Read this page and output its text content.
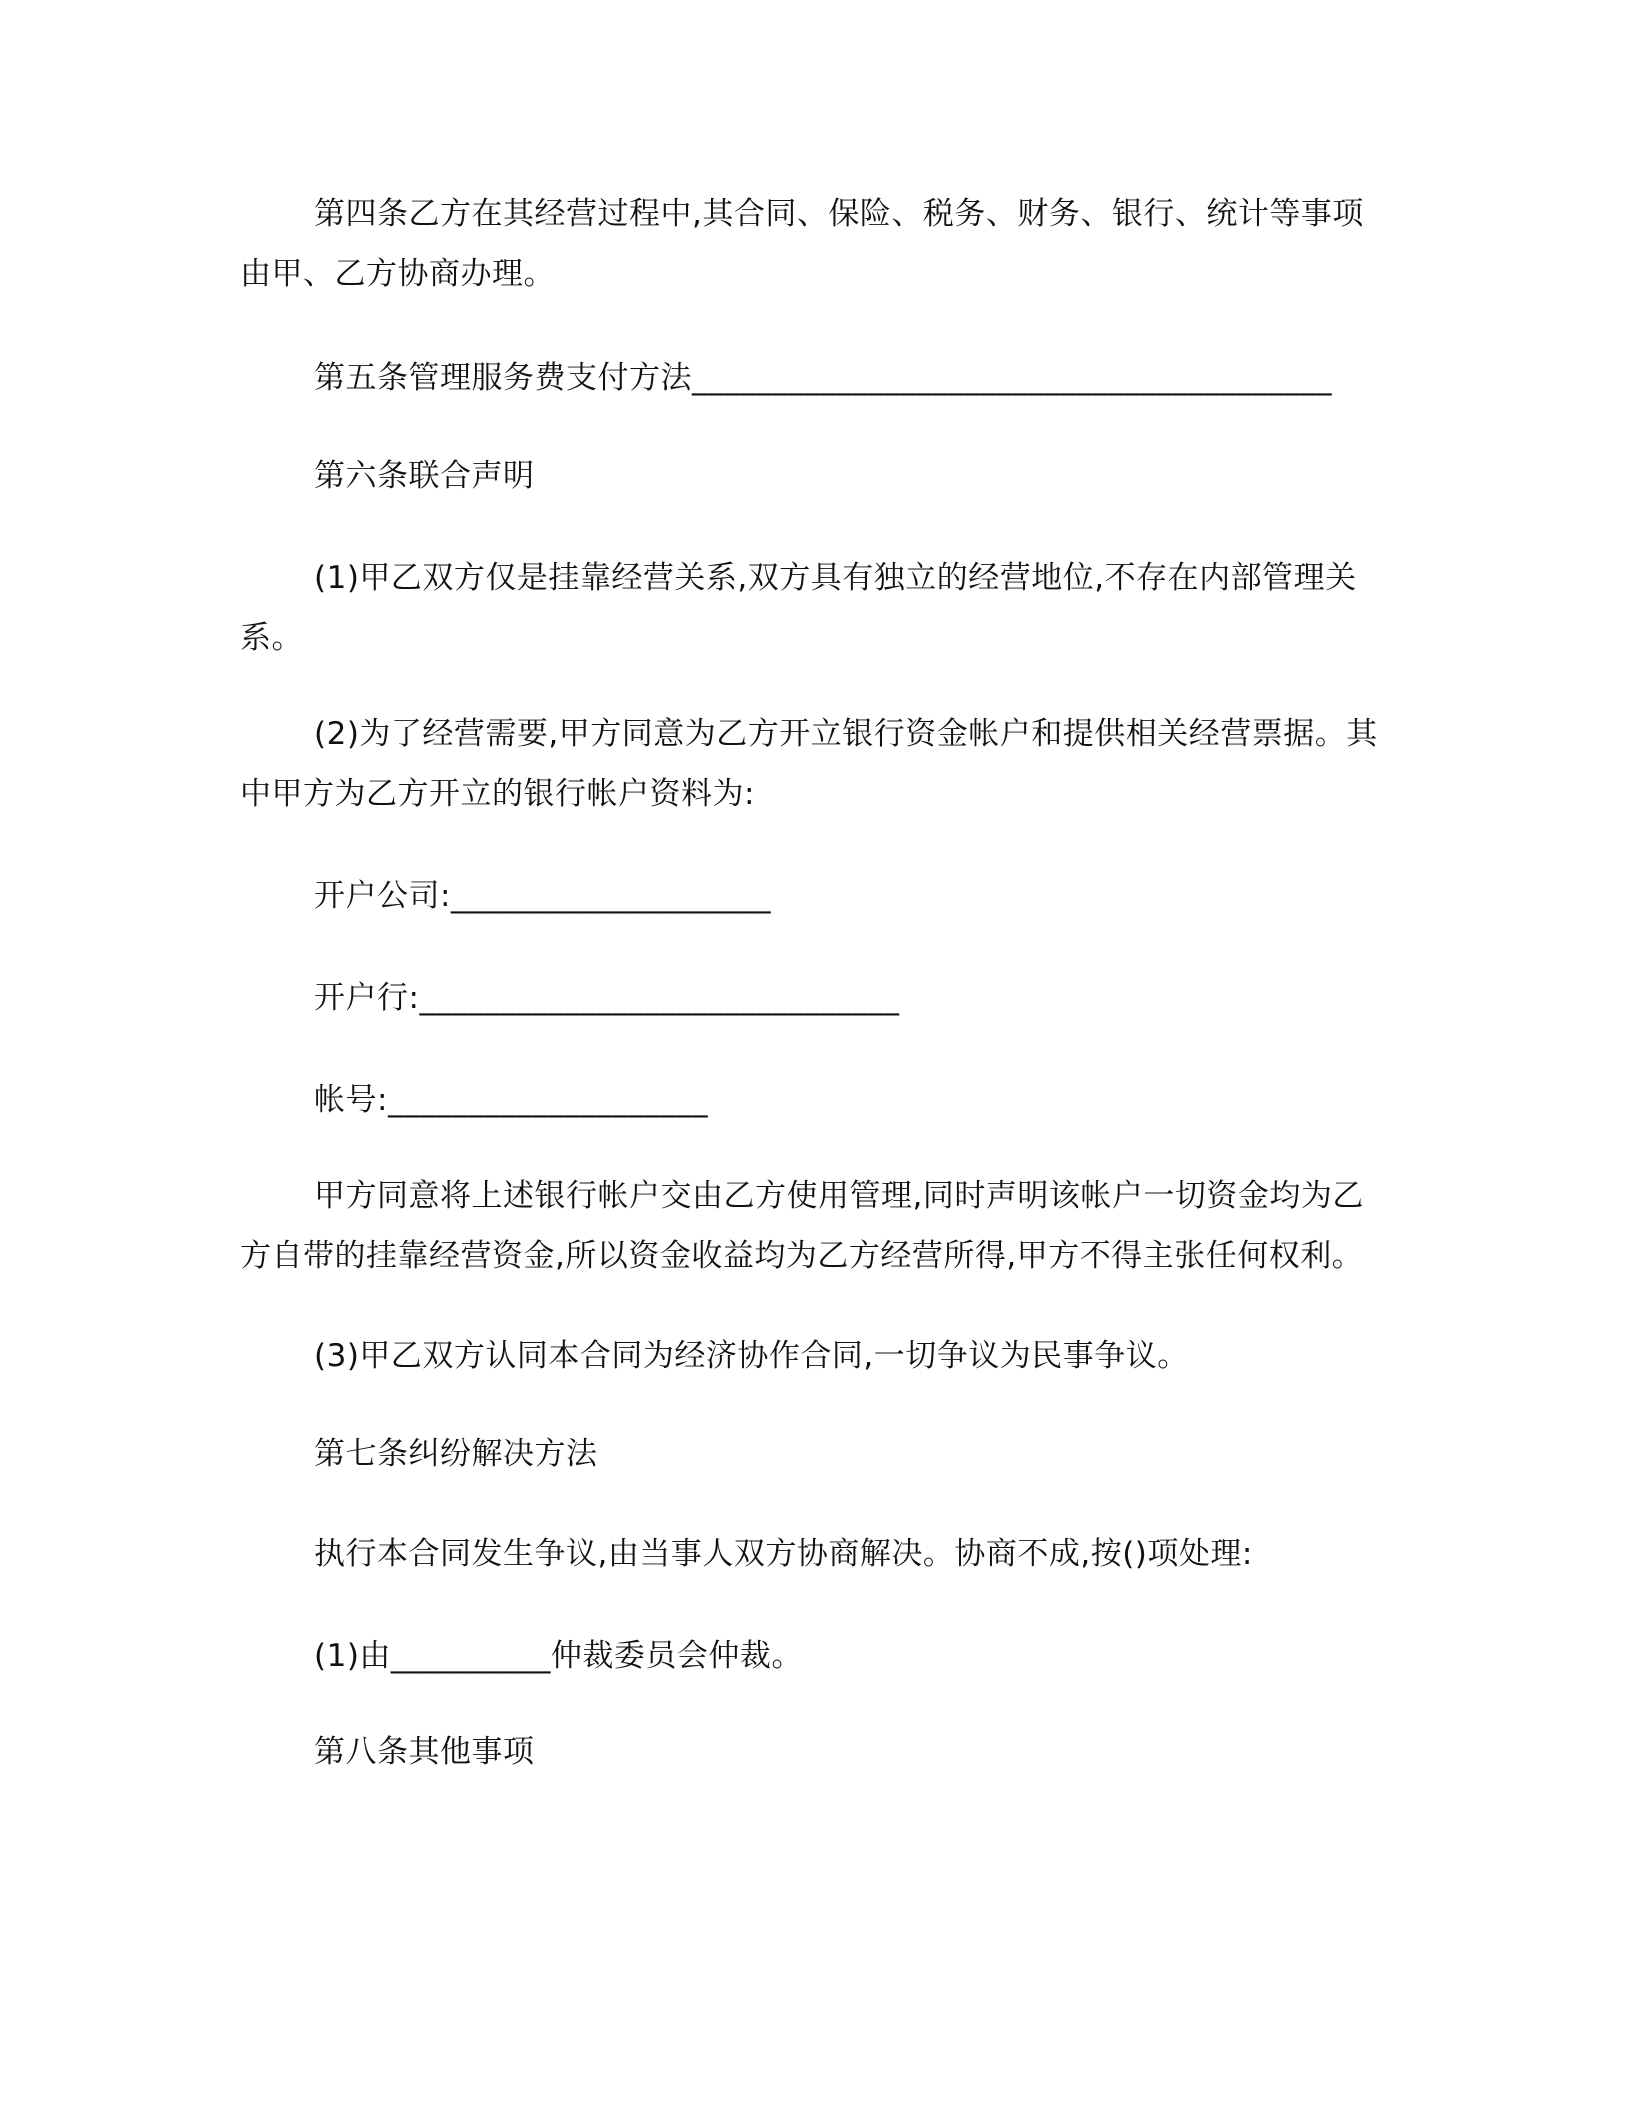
第四条乙方在其经营过程中,其合同、保险、税务、财务、银行、统计等事项

由甲、乙方协商办理。

第五条管理服务费支付方法________________________________________

第六条联合声明

(1)甲乙双方仅是挂靠经营关系,双方具有独立的经营地位,不存在内部管理关

系。

(2)为了经营需要,甲方同意为乙方开立银行资金帐户和提供相关经营票据。其

中甲方为乙方开立的银行帐户资料为:

开户公司:____________________

开户行:______________________________

帐号:____________________

甲方同意将上述银行帐户交由乙方使用管理,同时声明该帐户一切资金均为乙

方自带的挂靠经营资金,所以资金收益均为乙方经营所得,甲方不得主张任何权利。

(3)甲乙双方认同本合同为经济协作合同,一切争议为民事争议。

第七条纠纷解决方法

执行本合同发生争议,由当事人双方协商解决。协商不成,按()项处理:

(1)由__________仲裁委员会仲裁。

第八条其他事项
